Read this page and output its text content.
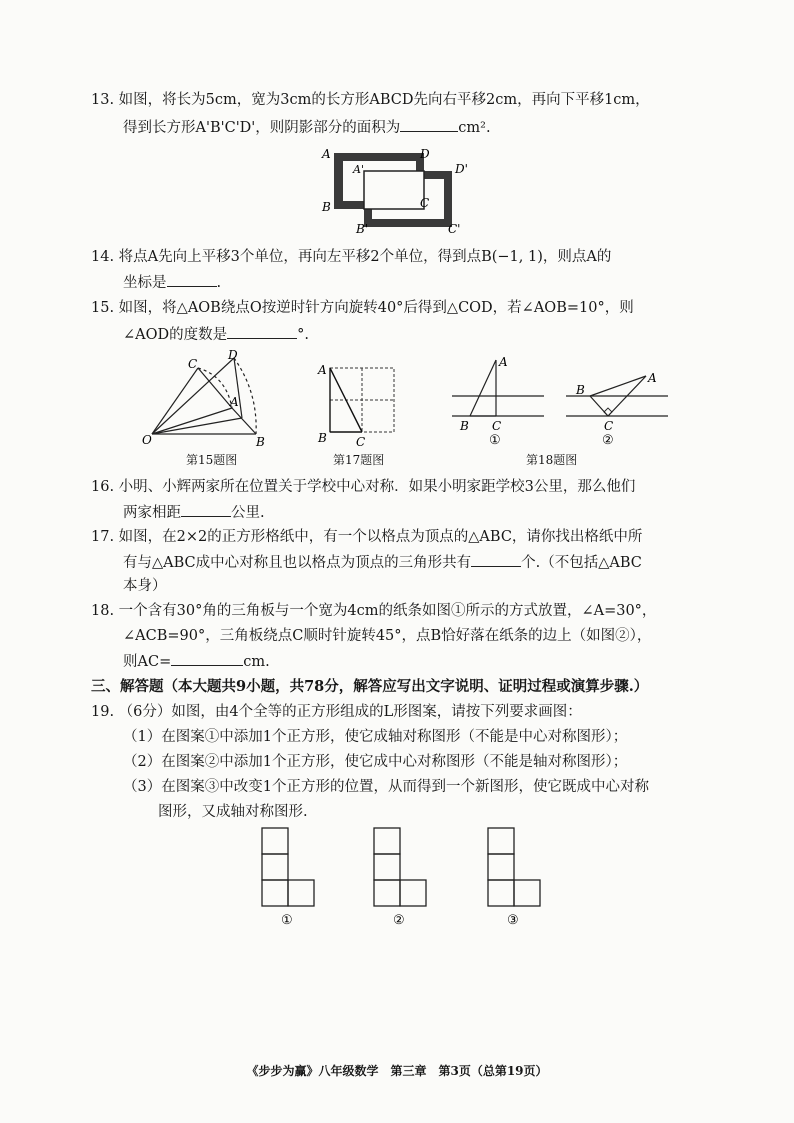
13. 如图，将长为5cm，宽为3cm的长方形ABCD先向右平移2cm，再向下平移1cm，
得到长方形A'B'C'D'，则阴影部分的面积为	cm².
A	D
A'	D'
B	C
B'	C'
14. 将点A先向上平移3个单位，再向左平移2个单位，得到点B(−1, 1)，则点A的
坐标是	.
15. 如图，将△AOB绕点O按逆时针方向旋转40°后得到△COD，若∠AOB=10°，则
∠AOD的度数是	°.
O
C
D
A
B
第15题图
A
B C
第17题图
A
B C
①
A
B
C
②
第18题图
16. 小明、小辉两家所在位置关于学校中心对称．如果小明家距学校3公里，那么他们
两家相距	公里.
17. 如图，在2×2的正方形格纸中，有一个以格点为顶点的△ABC，请你找出格纸中所
有与△ABC成中心对称且也以格点为顶点的三角形共有	个.（不包括△ABC
本身）
18. 一个含有30°角的三角板与一个宽为4cm的纸条如图①所示的方式放置，∠A=30°，
∠ACB=90°，三角板绕点C顺时针旋转45°，点B恰好落在纸条的边上（如图②），
则AC=	cm.
三、解答题（本大题共9小题，共78分，解答应写出文字说明、证明过程或演算步骤.）
19. （6分）如图，由4个全等的正方形组成的L形图案，请按下列要求画图：
（1）在图案①中添加1个正方形，使它成轴对称图形（不能是中心对称图形）；
（2）在图案②中添加1个正方形，使它成中心对称图形（不能是轴对称图形）；
（3）在图案③中改变1个正方形的位置，从而得到一个新图形，使它既成中心对称
图形，又成轴对称图形.
①	②	③
《步步为赢》八年级数学　第三章　第3页（总第19页）
